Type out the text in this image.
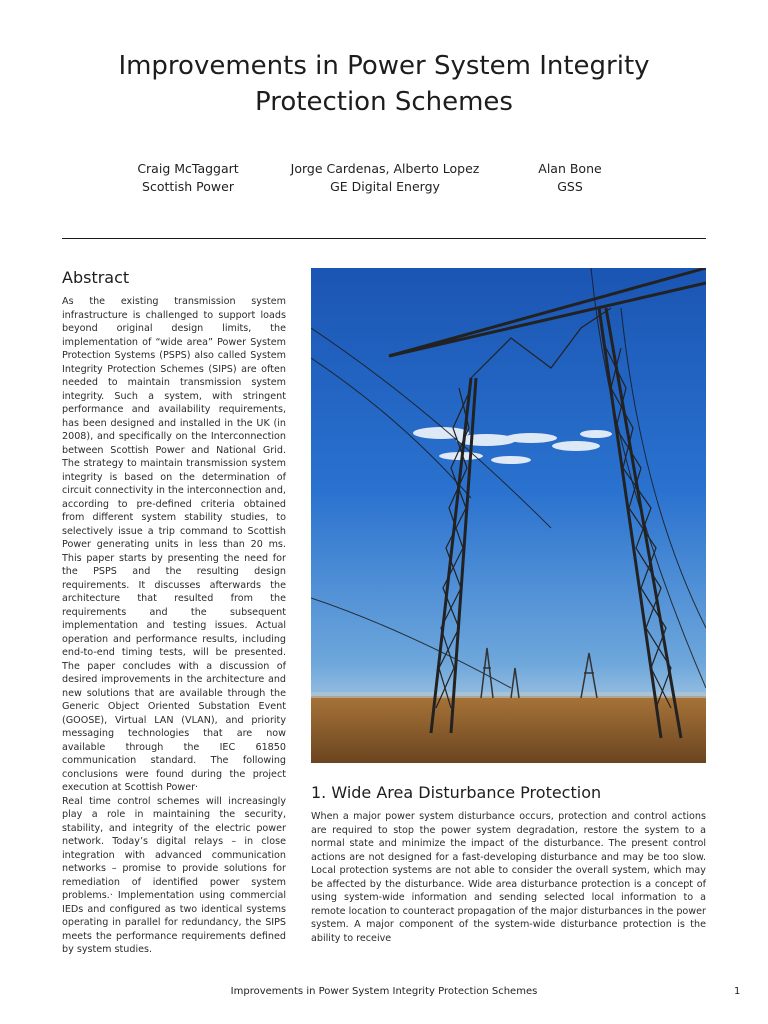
Improvements in Power System Integrity
Protection Schemes
Craig McTaggart
Scottish Power
Jorge Cardenas, Alberto Lopez
GE Digital Energy
Alan Bone
GSS
Abstract

As the existing transmission system infrastructure is challenged to support loads beyond original design limits, the implementation of “wide area” Power System Protection Systems (PSPS) also called System Integrity Protection Schemes (SIPS) are often needed to maintain transmission system integrity. Such a system, with stringent performance and availability requirements, has been designed and installed in the UK (in 2008), and specifically on the Interconnection between Scottish Power and National Grid. The strategy to maintain transmission system integrity is based on the determination of circuit connectivity in the interconnection and, according to pre-defined criteria obtained from different system stability studies, to selectively issue a trip command to Scottish Power generating units in less than 20 ms. This paper starts by presenting the need for the PSPS and the resulting design requirements. It discusses afterwards the architecture that resulted from the requirements and the subsequent implementation and testing issues. Actual operation and performance results, including end-to-end timing tests, will be presented. The paper concludes with a discussion of desired improvements in the architecture and new solutions that are available through the Generic Object Oriented Substation Event (GOOSE), Virtual LAN (VLAN), and priority messaging technologies that are now available through the IEC 61850 communication standard. The following conclusions were found during the project execution at Scottish Power·

Real time control schemes will increasingly play a role in maintaining the security, stability, and integrity of the electric power network. Today’s digital relays – in close integration with advanced communication networks – promise to provide solutions for remediation of identified power system problems.· Implementation using commercial IEDs and configured as two identical systems operating in parallel for redundancy, the SIPS meets the performance requirements defined by system studies.

1. Wide Area Disturbance Protection

When a major power system disturbance occurs, protection and control actions are required to stop the power system degradation, restore the system to a normal state and minimize the impact of the disturbance. The present control actions are not designed for a fast-developing disturbance and may be too slow. Local protection systems are not able to consider the overall system, which may be affected by the disturbance. Wide area disturbance protection is a concept of using system-wide information and sending selected local information to a remote location to counteract propagation of the major disturbances in the power system. A major component of the system-wide disturbance protection is the ability to receive

Improvements in Power System Integrity Protection Schemes	1
